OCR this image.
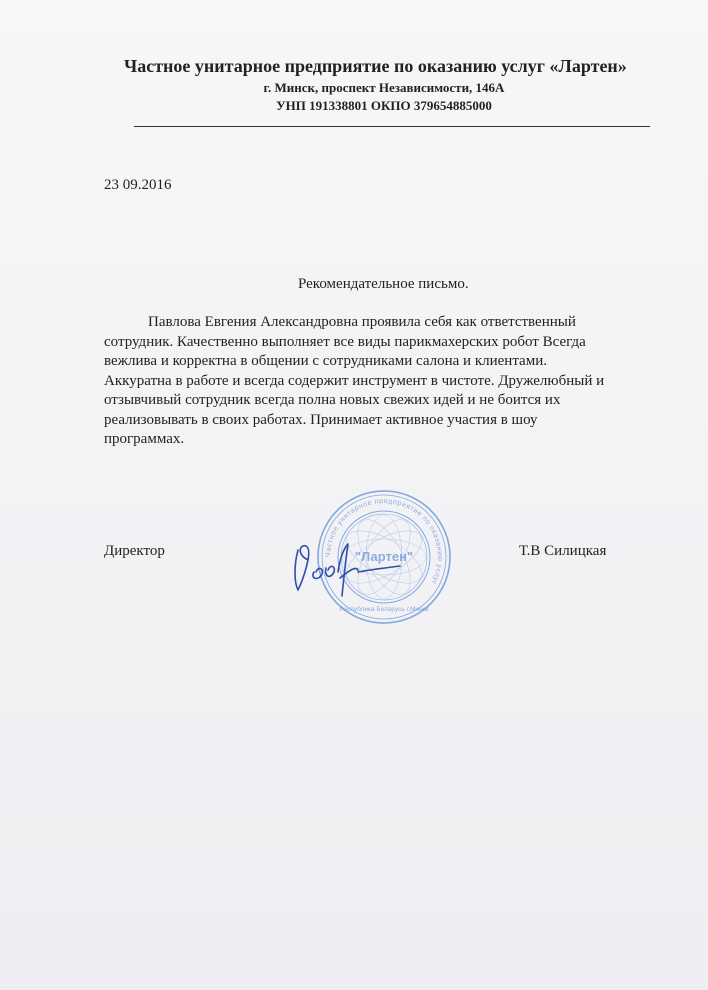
Частное унитарное предприятие по оказанию услуг «Лартен»
г. Минск, проспект Независимости, 146А
УНП 191338801 ОКПО 379654885000
23 09.2016
Рекомендательное письмо.
Павлова Евгения Александровна проявила себя как ответственный
сотрудник. Качественно выполняет все виды парикмахерских робот Всегда
вежлива и корректна в общении с сотрудниками салона и клиентами.
Аккуратна в работе и всегда содержит инструмент в чистоте. Дружелюбный и
отзывчивый сотрудник всегда полна новых свежих идей и не боится их
реализовывать в своих работах. Принимает активное участия в шоу
программах.
Директор	Т.В Силицкая
Частное унитарное предприятие по оказанию услуг
"Лартен"
Республика Беларусь г.Минск
